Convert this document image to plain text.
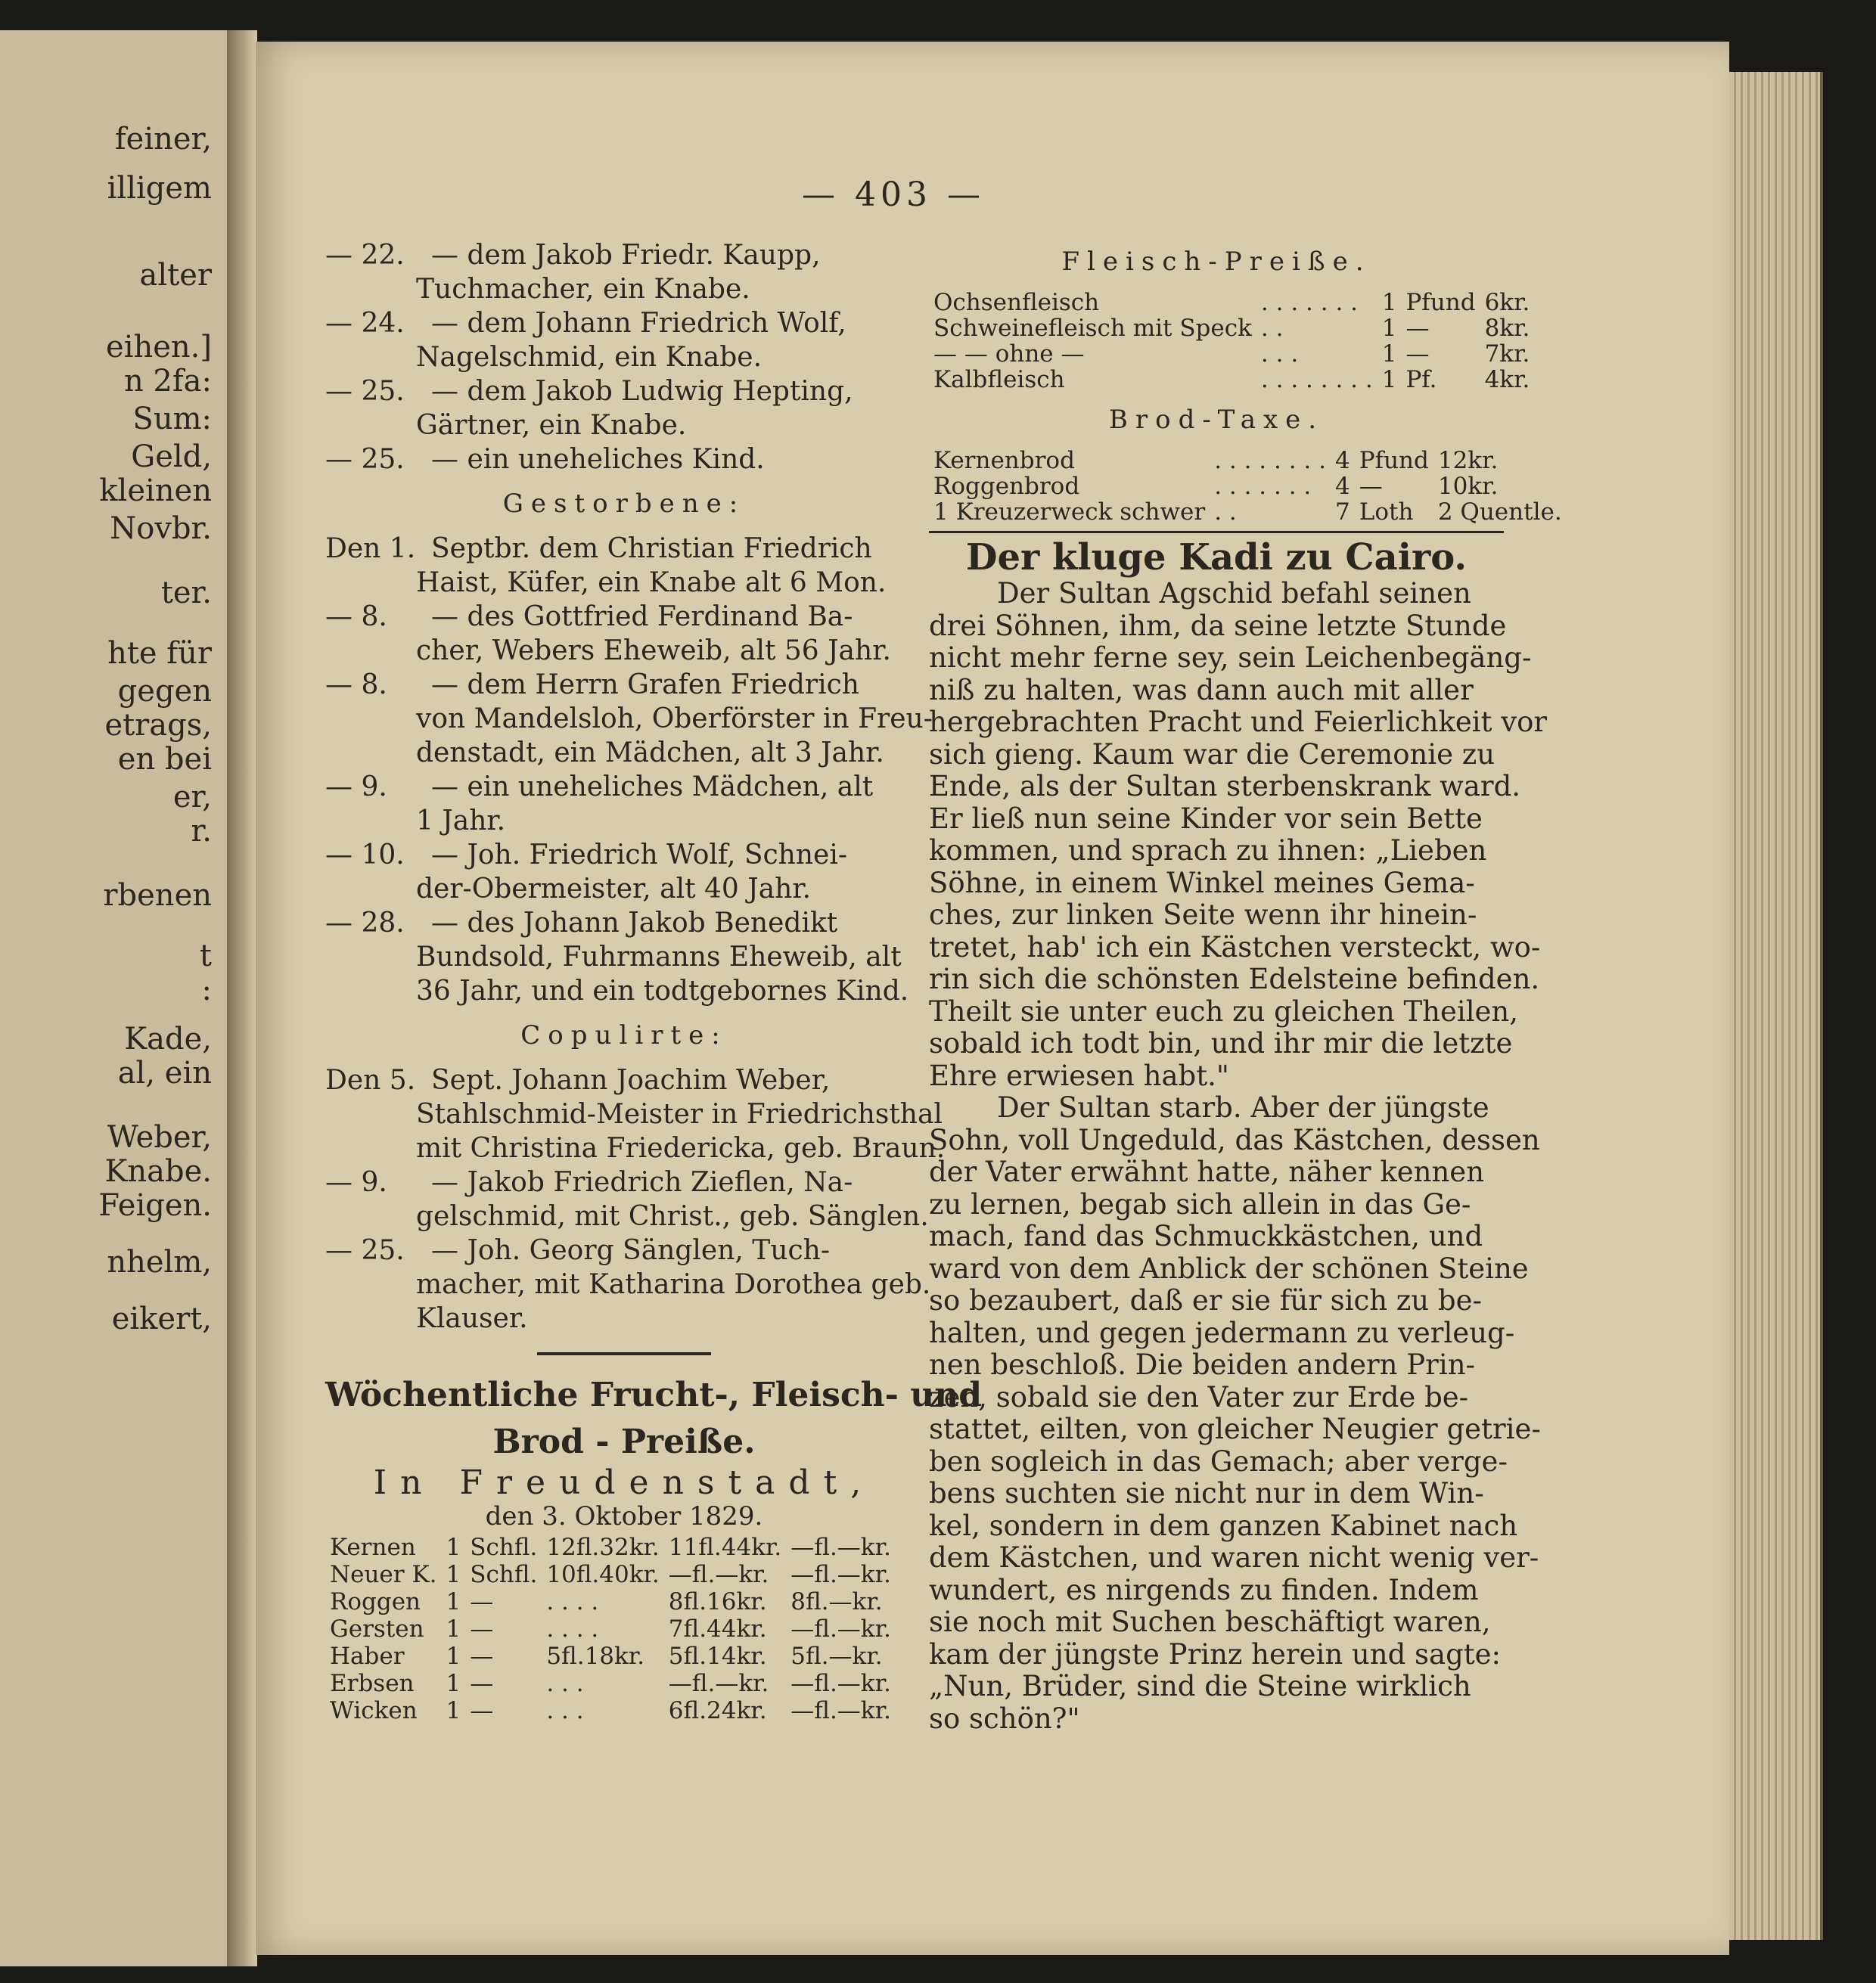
feiner,
illigem
alter
eihen.]
n 2fa:
Sum:
Geld,
kleinen
Novbr.
ter.
hte für
gegen
etrags,
en bei
er,
r.
rbenen
t
:
Kade,
al, ein
Weber,
Knabe.
Feigen.
nhelm,
eikert,
— 403 —
— 22. — dem Jakob Friedr. Kaupp,
Tuchmacher, ein Knabe.
— 24. — dem Johann Friedrich Wolf,
Nagelschmid, ein Knabe.
— 25. — dem Jakob Ludwig Hepting,
Gärtner, ein Knabe.
— 25. — ein uneheliches Kind.
Gestorbene:
Den 1. Septbr. dem Christian Friedrich
Haist, Küfer, ein Knabe alt 6 Mon.
— 8. — des Gottfried Ferdinand Ba-
cher, Webers Eheweib, alt 56 Jahr.
— 8. — dem Herrn Grafen Friedrich
von Mandelsloh, Oberförster in Freu-
denstadt, ein Mädchen, alt 3 Jahr.
— 9. — ein uneheliches Mädchen, alt
1 Jahr.
— 10. — Joh. Friedrich Wolf, Schnei-
der-Obermeister, alt 40 Jahr.
— 28. — des Johann Jakob Benedikt
Bundsold, Fuhrmanns Eheweib, alt
36 Jahr, und ein todtgebornes Kind.
Copulirte:
Den 5. Sept. Johann Joachim Weber,
Stahlschmid-Meister in Friedrichsthal
mit Christina Friedericka, geb. Braun.
— 9. — Jakob Friedrich Zieflen, Na-
gelschmid, mit Christ., geb. Sänglen.
— 25. — Joh. Georg Sänglen, Tuch-
macher, mit Katharina Dorothea geb.
Klauser.
Wöchentliche Frucht-, Fleisch- und
Brod - Preiße.
In Freudenstadt,
den 3. Oktober 1829.
Kernen	1	Schfl.	12fl.32kr.	11fl.44kr.	—fl.—kr.
Neuer K.	1	Schfl.	10fl.40kr.	—fl.—kr.	—fl.—kr.
Roggen	1	—	. . . .	8fl.16kr.	8fl.—kr.
Gersten	1	—	. . . .	7fl.44kr.	—fl.—kr.
Haber	1	—	5fl.18kr.	5fl.14kr.	5fl.—kr.
Erbsen	1	—	. . .	—fl.—kr.	—fl.—kr.
Wicken	1	—	. . .	6fl.24kr.	—fl.—kr.
Fleisch-Preiße.
Ochsenfleisch	. . . . . . .	1	Pfund	6kr.
Schweinefleisch mit Speck	. .	1	—	8kr.
— — ohne —	. . .	1	—	7kr.
Kalbfleisch	. . . . . . . .	1	Pf.	4kr.
Brod-Taxe.
Kernenbrod	. . . . . . . .	4	Pfund	12kr.
Roggenbrod	. . . . . . .	4	—	10kr.
1 Kreuzerweck schwer	. .	7	Loth	2 Quentle.
Der kluge Kadi zu Cairo.
Der Sultan Agschid befahl seinen
drei Söhnen, ihm, da seine letzte Stunde
nicht mehr ferne sey, sein Leichenbegäng-
niß zu halten, was dann auch mit aller
hergebrachten Pracht und Feierlichkeit vor
sich gieng. Kaum war die Ceremonie zu
Ende, als der Sultan sterbenskrank ward.
Er ließ nun seine Kinder vor sein Bette
kommen, und sprach zu ihnen: „Lieben
Söhne, in einem Winkel meines Gema-
ches, zur linken Seite wenn ihr hinein-
tretet, hab' ich ein Kästchen versteckt, wo-
rin sich die schönsten Edelsteine befinden.
Theilt sie unter euch zu gleichen Theilen,
sobald ich todt bin, und ihr mir die letzte
Ehre erwiesen habt."
Der Sultan starb. Aber der jüngste
Sohn, voll Ungeduld, das Kästchen, dessen
der Vater erwähnt hatte, näher kennen
zu lernen, begab sich allein in das Ge-
mach, fand das Schmuckkästchen, und
ward von dem Anblick der schönen Steine
so bezaubert, daß er sie für sich zu be-
halten, und gegen jedermann zu verleug-
nen beschloß. Die beiden andern Prin-
zen, sobald sie den Vater zur Erde be-
stattet, eilten, von gleicher Neugier getrie-
ben sogleich in das Gemach; aber verge-
bens suchten sie nicht nur in dem Win-
kel, sondern in dem ganzen Kabinet nach
dem Kästchen, und waren nicht wenig ver-
wundert, es nirgends zu finden. Indem
sie noch mit Suchen beschäftigt waren,
kam der jüngste Prinz herein und sagte:
„Nun, Brüder, sind die Steine wirklich
so schön?"
